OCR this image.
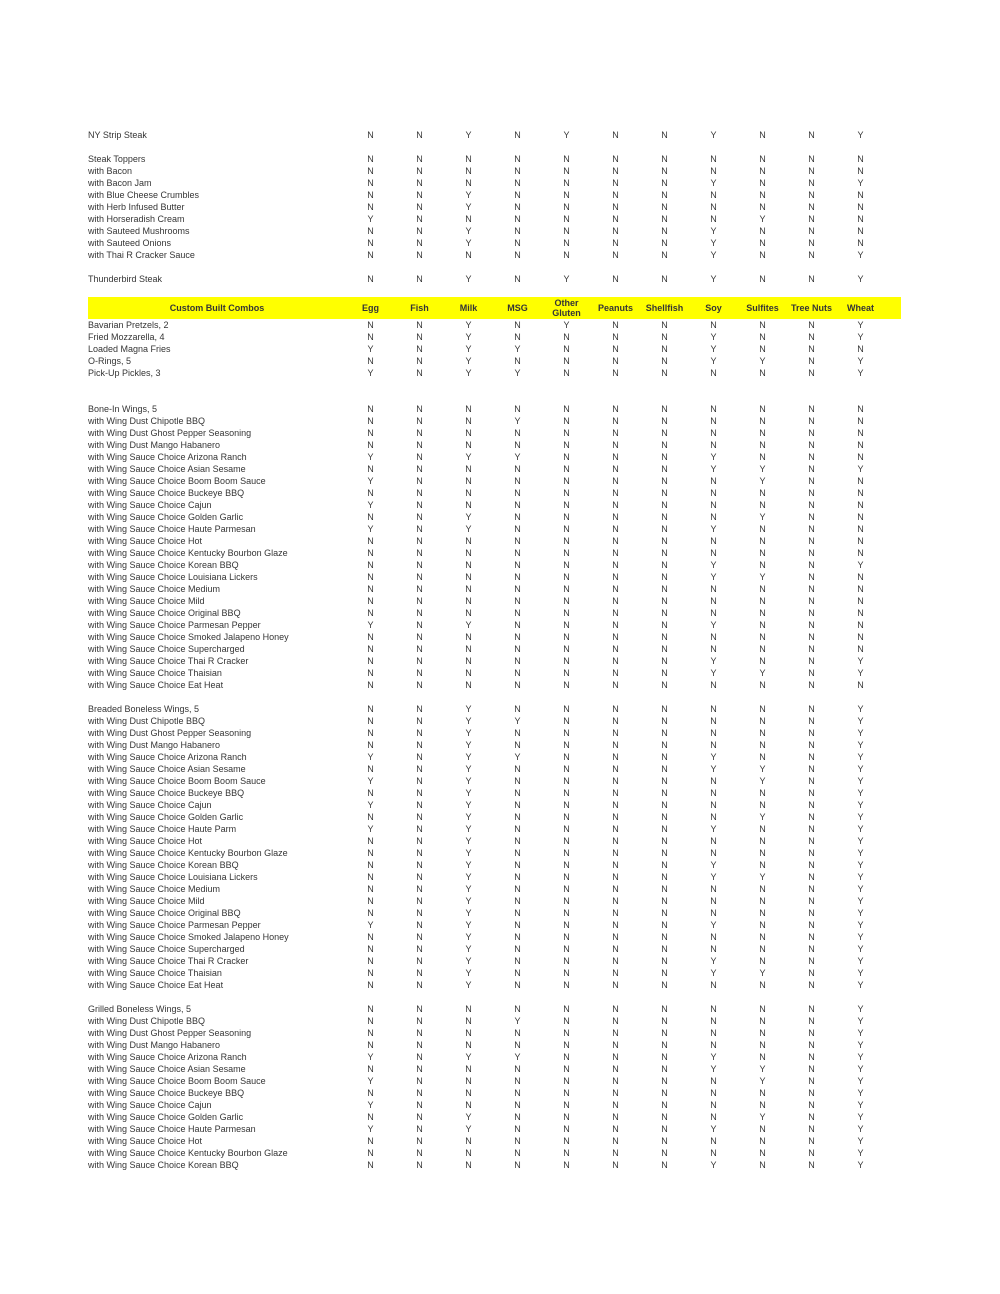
NY Strip Steak	N	N	Y	N	Y	N	N	Y	N	N	Y	

Steak Toppers	N	N	N	N	N	N	N	N	N	N	N	
with Bacon	N	N	N	N	N	N	N	N	N	N	N	
with Bacon Jam	N	N	N	N	N	N	N	Y	N	N	Y	
with Blue Cheese Crumbles	N	N	Y	N	N	N	N	N	N	N	N	
with Herb Infused Butter	N	N	Y	N	N	N	N	N	N	N	N	
with Horseradish Cream	Y	N	N	N	N	N	N	N	Y	N	N	
with Sauteed Mushrooms	N	N	Y	N	N	N	N	Y	N	N	N	
with Sauteed Onions	N	N	Y	N	N	N	N	Y	N	N	N	
with Thai R Cracker Sauce	N	N	N	N	N	N	N	Y	N	N	Y	

Thunderbird Steak	N	N	Y	N	Y	N	N	Y	N	N	Y	

Custom Built Combos	Egg	Fish	Milk	MSG	Other Gluten	Peanuts	Shellfish	Soy	Sulfites	Tree Nuts	Wheat	
Bavarian Pretzels, 2	N	N	Y	N	Y	N	N	N	N	N	Y	
Fried Mozzarella, 4	N	N	Y	N	N	N	N	Y	N	N	Y	
Loaded Magna Fries	Y	N	Y	Y	N	N	N	Y	N	N	N	
O-Rings, 5	N	N	Y	N	N	N	N	Y	Y	N	Y	
Pick-Up Pickles, 3	Y	N	Y	Y	N	N	N	N	N	N	Y	

Bone-In Wings, 5	N	N	N	N	N	N	N	N	N	N	N	
with Wing Dust Chipotle BBQ	N	N	N	Y	N	N	N	N	N	N	N	
with Wing Dust Ghost Pepper Seasoning	N	N	N	N	N	N	N	N	N	N	N	
with Wing Dust Mango Habanero	N	N	N	N	N	N	N	N	N	N	N	
with Wing Sauce Choice Arizona Ranch	Y	N	Y	Y	N	N	N	Y	N	N	N	
with Wing Sauce Choice Asian Sesame	N	N	N	N	N	N	N	Y	Y	N	Y	
with Wing Sauce Choice Boom Boom Sauce	Y	N	N	N	N	N	N	N	Y	N	N	
with Wing Sauce Choice Buckeye BBQ	N	N	N	N	N	N	N	N	N	N	N	
with Wing Sauce Choice Cajun	Y	N	N	N	N	N	N	N	N	N	N	
with Wing Sauce Choice Golden Garlic	N	N	Y	N	N	N	N	N	Y	N	N	
with Wing Sauce Choice Haute Parmesan	Y	N	Y	N	N	N	N	Y	N	N	N	
with Wing Sauce Choice Hot	N	N	N	N	N	N	N	N	N	N	N	
with Wing Sauce Choice Kentucky Bourbon Glaze	N	N	N	N	N	N	N	N	N	N	N	
with Wing Sauce Choice Korean BBQ	N	N	N	N	N	N	N	Y	N	N	Y	
with Wing Sauce Choice Louisiana Lickers	N	N	N	N	N	N	N	Y	Y	N	N	
with Wing Sauce Choice Medium	N	N	N	N	N	N	N	N	N	N	N	
with Wing Sauce Choice Mild	N	N	N	N	N	N	N	N	N	N	N	
with Wing Sauce Choice Original BBQ	N	N	N	N	N	N	N	N	N	N	N	
with Wing Sauce Choice Parmesan Pepper	Y	N	Y	N	N	N	N	Y	N	N	N	
with Wing Sauce Choice Smoked Jalapeno Honey	N	N	N	N	N	N	N	N	N	N	N	
with Wing Sauce Choice Supercharged	N	N	N	N	N	N	N	N	N	N	N	
with Wing Sauce Choice Thai R Cracker	N	N	N	N	N	N	N	Y	N	N	Y	
with Wing Sauce Choice Thaisian	N	N	N	N	N	N	N	Y	Y	N	Y	
with Wing Sauce Choice Eat Heat	N	N	N	N	N	N	N	N	N	N	N	

Breaded Boneless Wings, 5	N	N	Y	N	N	N	N	N	N	N	Y	
with Wing Dust Chipotle BBQ	N	N	Y	Y	N	N	N	N	N	N	Y	
with Wing Dust Ghost Pepper Seasoning	N	N	Y	N	N	N	N	N	N	N	Y	
with Wing Dust Mango Habanero	N	N	Y	N	N	N	N	N	N	N	Y	
with Wing Sauce Choice Arizona Ranch	Y	N	Y	Y	N	N	N	Y	N	N	Y	
with Wing Sauce Choice Asian Sesame	N	N	Y	N	N	N	N	Y	Y	N	Y	
with Wing Sauce Choice Boom Boom Sauce	Y	N	Y	N	N	N	N	N	Y	N	Y	
with Wing Sauce Choice Buckeye BBQ	N	N	Y	N	N	N	N	N	N	N	Y	
with Wing Sauce Choice Cajun	Y	N	Y	N	N	N	N	N	N	N	Y	
with Wing Sauce Choice Golden Garlic	N	N	Y	N	N	N	N	N	Y	N	Y	
with Wing Sauce Choice Haute Parm	Y	N	Y	N	N	N	N	Y	N	N	Y	
with Wing Sauce Choice Hot	N	N	Y	N	N	N	N	N	N	N	Y	
with Wing Sauce Choice Kentucky Bourbon Glaze	N	N	Y	N	N	N	N	N	N	N	Y	
with Wing Sauce Choice Korean BBQ	N	N	Y	N	N	N	N	Y	N	N	Y	
with Wing Sauce Choice Louisiana Lickers	N	N	Y	N	N	N	N	Y	Y	N	Y	
with Wing Sauce Choice Medium	N	N	Y	N	N	N	N	N	N	N	Y	
with Wing Sauce Choice Mild	N	N	Y	N	N	N	N	N	N	N	Y	
with Wing Sauce Choice Original BBQ	N	N	Y	N	N	N	N	N	N	N	Y	
with Wing Sauce Choice Parmesan Pepper	Y	N	Y	N	N	N	N	Y	N	N	Y	
with Wing Sauce Choice Smoked Jalapeno Honey	N	N	Y	N	N	N	N	N	N	N	Y	
with Wing Sauce Choice Supercharged	N	N	Y	N	N	N	N	N	N	N	Y	
with Wing Sauce Choice Thai R Cracker	N	N	Y	N	N	N	N	Y	N	N	Y	
with Wing Sauce Choice Thaisian	N	N	Y	N	N	N	N	Y	Y	N	Y	
with Wing Sauce Choice Eat Heat	N	N	Y	N	N	N	N	N	N	N	Y	

Grilled Boneless Wings, 5	N	N	N	N	N	N	N	N	N	N	Y	
with Wing Dust Chipotle BBQ	N	N	N	Y	N	N	N	N	N	N	Y	
with Wing Dust Ghost Pepper Seasoning	N	N	N	N	N	N	N	N	N	N	Y	
with Wing Dust Mango Habanero	N	N	N	N	N	N	N	N	N	N	Y	
with Wing Sauce Choice Arizona Ranch	Y	N	Y	Y	N	N	N	Y	N	N	Y	
with Wing Sauce Choice Asian Sesame	N	N	N	N	N	N	N	Y	Y	N	Y	
with Wing Sauce Choice Boom Boom Sauce	Y	N	N	N	N	N	N	N	Y	N	Y	
with Wing Sauce Choice Buckeye BBQ	N	N	N	N	N	N	N	N	N	N	Y	
with Wing Sauce Choice Cajun	Y	N	N	N	N	N	N	N	N	N	Y	
with Wing Sauce Choice Golden Garlic	N	N	Y	N	N	N	N	N	Y	N	Y	
with Wing Sauce Choice Haute Parmesan	Y	N	Y	N	N	N	N	Y	N	N	Y	
with Wing Sauce Choice Hot	N	N	N	N	N	N	N	N	N	N	Y	
with Wing Sauce Choice Kentucky Bourbon Glaze	N	N	N	N	N	N	N	N	N	N	Y	
with Wing Sauce Choice Korean BBQ	N	N	N	N	N	N	N	Y	N	N	Y	
